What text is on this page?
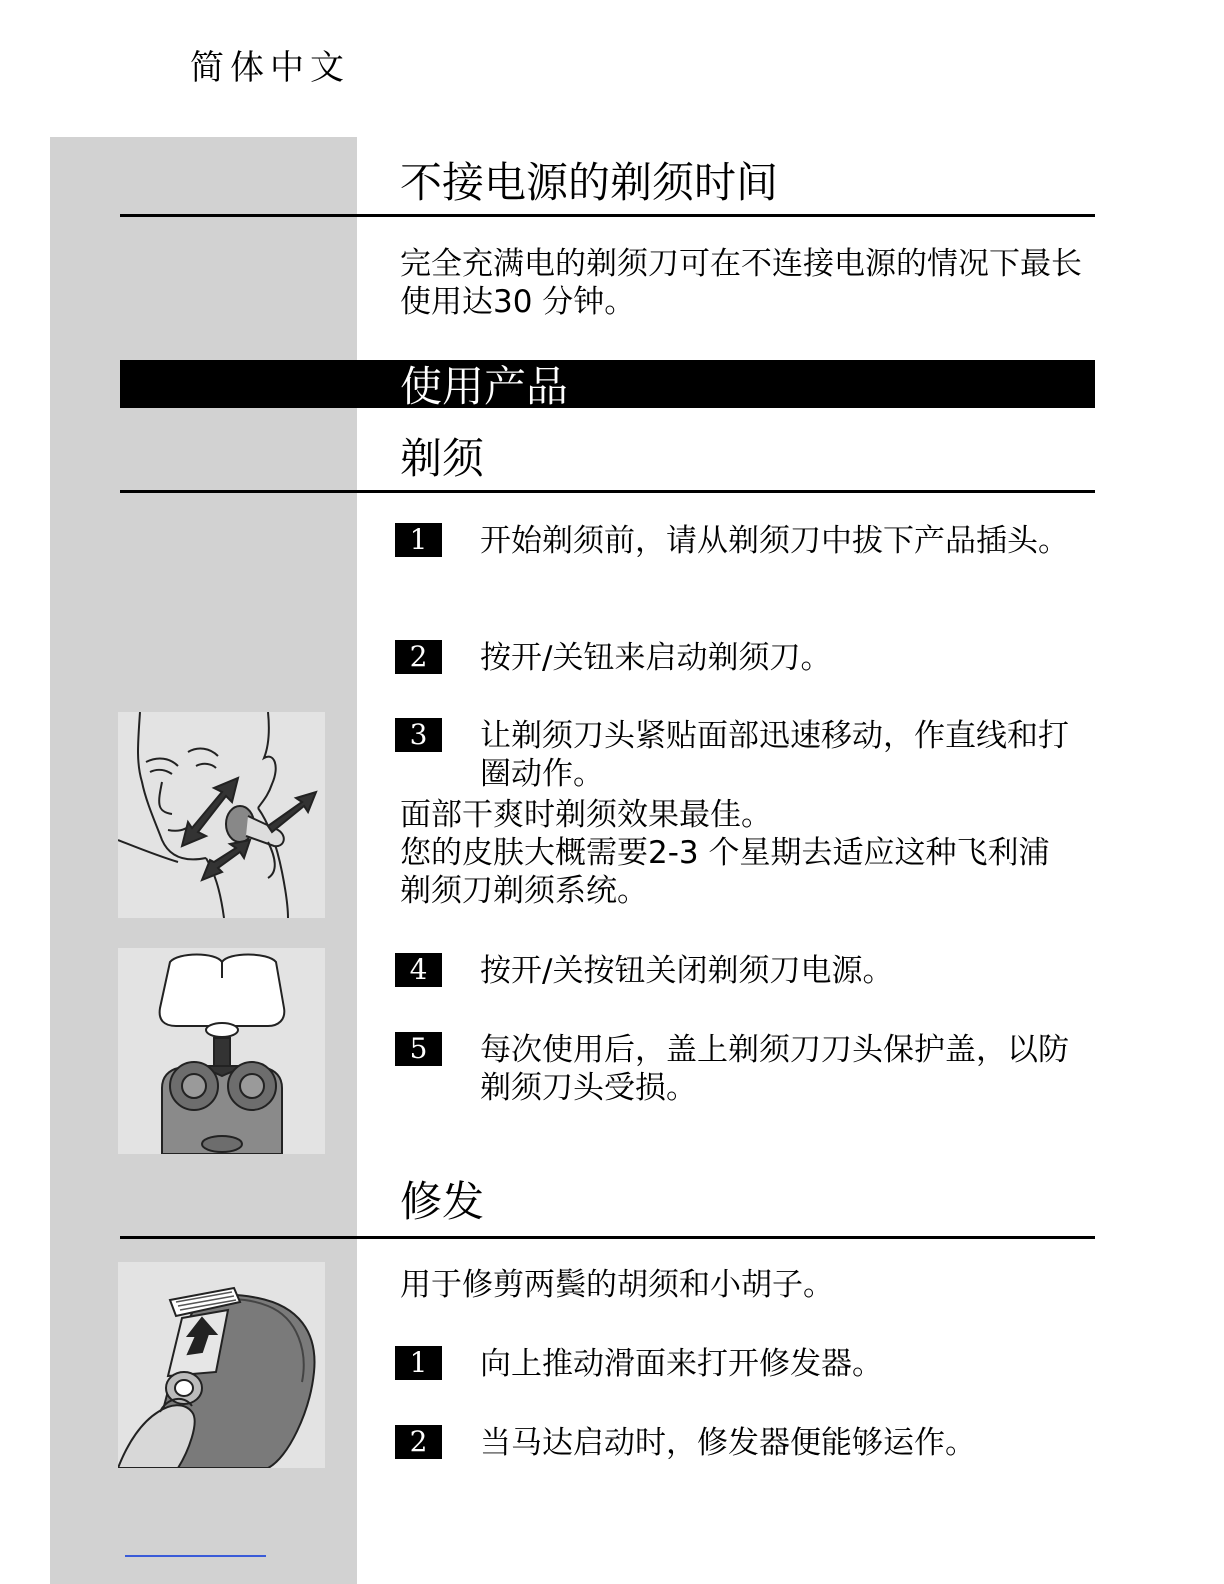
简体中文
不接电源的剃须时间
完全充满电的剃须刀可在不连接电源的情况下最长使用达30 分钟。
使用产品
剃须
1	开始剃须前，请从剃须刀中拔下产品插头。
2	按开/关钮来启动剃须刀。
3	让剃须刀头紧贴面部迅速移动，作直线和打圈动作。
面部干爽时剃须效果最佳。
您的皮肤大概需要2-3 个星期去适应这种飞利浦剃须刀剃须系统。
4	按开/关按钮关闭剃须刀电源。
5	每次使用后，盖上剃须刀刀头保护盖，以防剃须刀头受损。
修发
用于修剪两鬓的胡须和小胡子。
1	向上推动滑面来打开修发器。
2	当马达启动时，修发器便能够运作。
